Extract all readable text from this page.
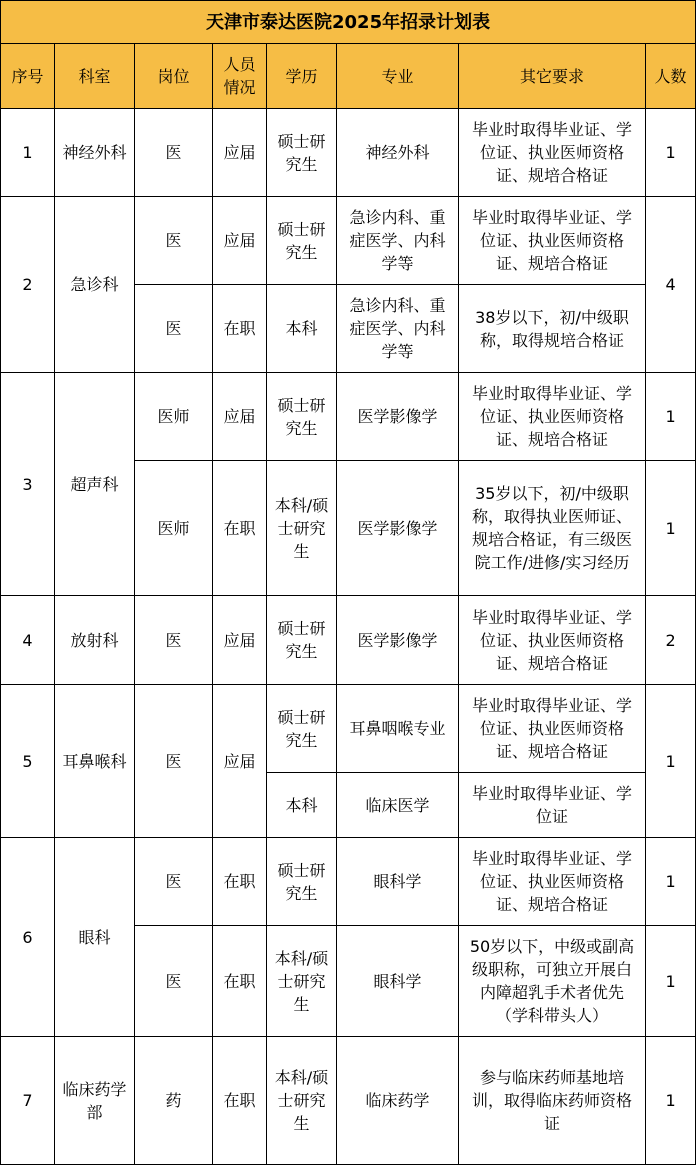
天津市泰达医院2025年招录计划表							
序号	科室	岗位	人员情况	学历	专业	其它要求	人数
1	神经外科	医	应届	硕士研究生	神经外科	毕业时取得毕业证、学位证、执业医师资格证、规培合格证	1
2	急诊科	医	应届	硕士研究生	急诊内科、重症医学、内科学等	毕业时取得毕业证、学位证、执业医师资格证、规培合格证	4
		医	在职	本科	急诊内科、重症医学、内科学等	38岁以下，初/中级职称，取得规培合格证	
3	超声科	医师	应届	硕士研究生	医学影像学	毕业时取得毕业证、学位证、执业医师资格证、规培合格证	1
		医师	在职	本科/硕士研究生	医学影像学	35岁以下，初/中级职称，取得执业医师证、规培合格证，有三级医院工作/进修/实习经历	1
4	放射科	医	应届	硕士研究生	医学影像学	毕业时取得毕业证、学位证、执业医师资格证、规培合格证	2
5	耳鼻喉科	医	应届	硕士研究生	耳鼻咽喉专业	毕业时取得毕业证、学位证、执业医师资格证、规培合格证	1
				本科	临床医学	毕业时取得毕业证、学位证	
6	眼科	医	在职	硕士研究生	眼科学	毕业时取得毕业证、学位证、执业医师资格证、规培合格证	1
		医	在职	本科/硕士研究生	眼科学	50岁以下，中级或副高级职称，可独立开展白内障超乳手术者优先（学科带头人）	1
7	临床药学部	药	在职	本科/硕士研究生	临床药学	参与临床药师基地培训，取得临床药师资格证	1
